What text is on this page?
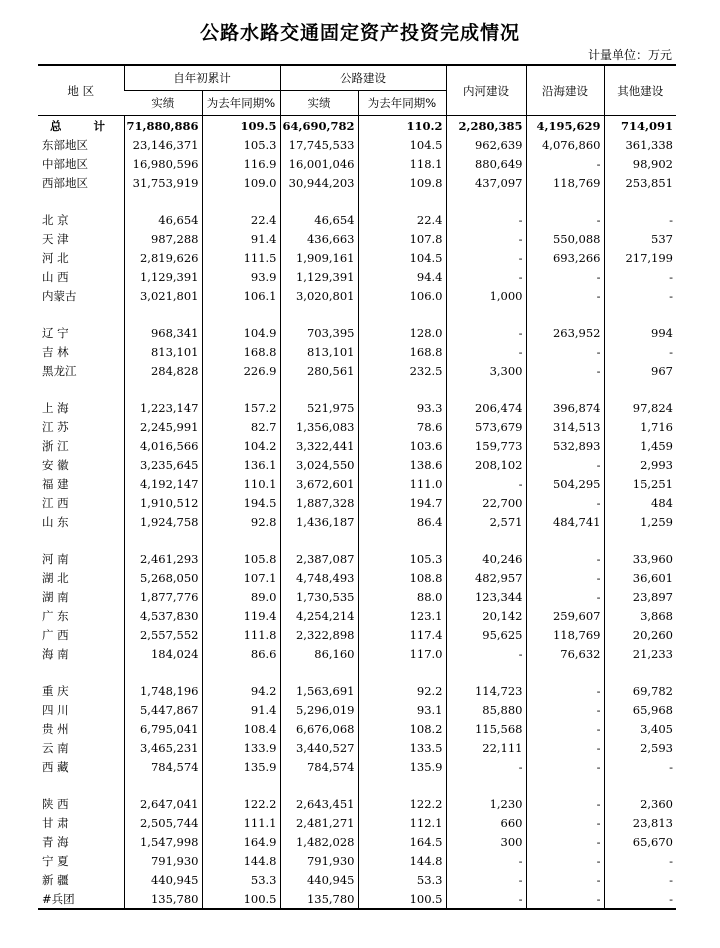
公路水路交通固定资产投资完成情况
计量单位：万元
地 区	自年初累计		公路建设		内河建设	沿海建设	其他建设
	实绩	为去年同期%	实绩	为去年同期%			
总 计	71,880,886	109.5	64,690,782	110.2	2,280,385	4,195,629	714,091
东部地区	23,146,371	105.3	17,745,533	104.5	962,639	4,076,860	361,338
中部地区	16,980,596	116.9	16,001,046	118.1	880,649	-	98,902
西部地区	31,753,919	109.0	30,944,203	109.8	437,097	118,769	253,851

北 京	46,654	22.4	46,654	22.4	-	-	-
天 津	987,288	91.4	436,663	107.8	-	550,088	537
河 北	2,819,626	111.5	1,909,161	104.5	-	693,266	217,199
山 西	1,129,391	93.9	1,129,391	94.4	-	-	-
内蒙古	3,021,801	106.1	3,020,801	106.0	1,000	-	-

辽 宁	968,341	104.9	703,395	128.0	-	263,952	994
吉 林	813,101	168.8	813,101	168.8	-	-	-
黑龙江	284,828	226.9	280,561	232.5	3,300	-	967

上 海	1,223,147	157.2	521,975	93.3	206,474	396,874	97,824
江 苏	2,245,991	82.7	1,356,083	78.6	573,679	314,513	1,716
浙 江	4,016,566	104.2	3,322,441	103.6	159,773	532,893	1,459
安 徽	3,235,645	136.1	3,024,550	138.6	208,102	-	2,993
福 建	4,192,147	110.1	3,672,601	111.0	-	504,295	15,251
江 西	1,910,512	194.5	1,887,328	194.7	22,700	-	484
山 东	1,924,758	92.8	1,436,187	86.4	2,571	484,741	1,259

河 南	2,461,293	105.8	2,387,087	105.3	40,246	-	33,960
湖 北	5,268,050	107.1	4,748,493	108.8	482,957	-	36,601
湖 南	1,877,776	89.0	1,730,535	88.0	123,344	-	23,897
广 东	4,537,830	119.4	4,254,214	123.1	20,142	259,607	3,868
广 西	2,557,552	111.8	2,322,898	117.4	95,625	118,769	20,260
海 南	184,024	86.6	86,160	117.0	-	76,632	21,233

重 庆	1,748,196	94.2	1,563,691	92.2	114,723	-	69,782
四 川	5,447,867	91.4	5,296,019	93.1	85,880	-	65,968
贵 州	6,795,041	108.4	6,676,068	108.2	115,568	-	3,405
云 南	3,465,231	133.9	3,440,527	133.5	22,111	-	2,593
西 藏	784,574	135.9	784,574	135.9	-	-	-

陕 西	2,647,041	122.2	2,643,451	122.2	1,230	-	2,360
甘 肃	2,505,744	111.1	2,481,271	112.1	660	-	23,813
青 海	1,547,998	164.9	1,482,028	164.5	300	-	65,670
宁 夏	791,930	144.8	791,930	144.8	-	-	-
新 疆	440,945	53.3	440,945	53.3	-	-	-
#兵团	135,780	100.5	135,780	100.5	-	-	-
